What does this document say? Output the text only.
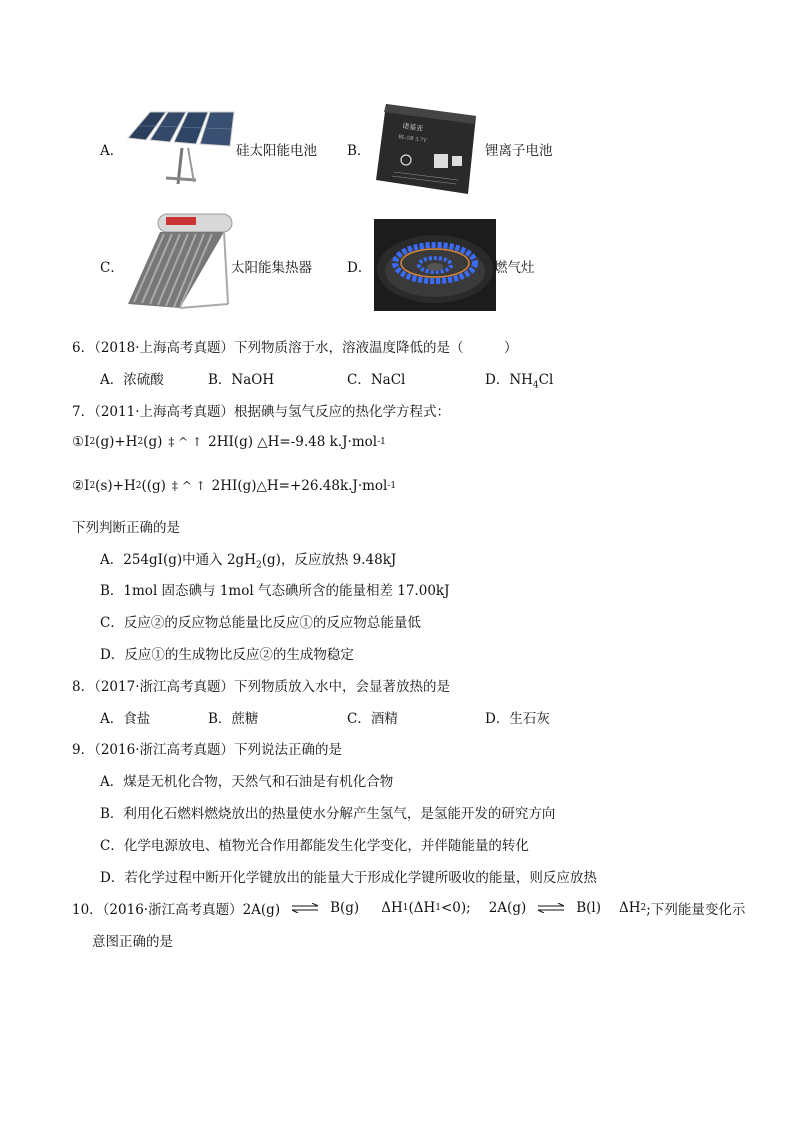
A．	硅太阳能电池 B．
诺基亚
BL-5B 3.7V
锂离子电池
C．	太阳能集热器	D．	燃气灶
6．（2018·上海高考真题）下列物质溶于水，溶液温度降低的是（　　　）
A．浓硫酸	B．NaOH	C．NaCl	D．$NH_4Cl$
7．（2011·上海高考真题）根据碘与氢气反应的热化学方程式：
①I 2 (g)+H 2 (g) ‡ ^ ↑ 2HI(g) △H=-9.48 k.J·mol -1
②I 2 (s)+H 2 ((g) ‡ ^ ↑ 2HI(g)△H=+26.48k.J·mol -1
下列判断正确的是
A．254gI(g)中通入 $2gH_2(g)$，反应放热 9.48kJ
B．1mol 固态碘与 1mol 气态碘所含的能量相差 17.00kJ
C．反应②的反应物总能量比反应①的反应物总能量低
D．反应①的生成物比反应②的生成物稳定
8．（2017·浙江高考真题）下列物质放入水中，会显著放热的是
A．食盐	B．蔗糖	C．酒精	D．生石灰
9．（2016·浙江高考真题）下列说法正确的是
A．煤是无机化合物，天然气和石油是有机化合物
B．利用化石燃料燃烧放出的热量使水分解产生氢气，是氢能开发的研究方向
C．化学电源放电、植物光合作用都能发生化学变化，并伴随能量的转化
D．若化学过程中断开化学键放出的能量大于形成化学键所吸收的能量，则反应放热
10．（2016·浙江高考真题）2A(g) ⇌ B(g) ΔH 1 (ΔH 1 <0); 2A(g) ⇌ B(l) ΔH 2 ;下列能量变化示
意图正确的是
